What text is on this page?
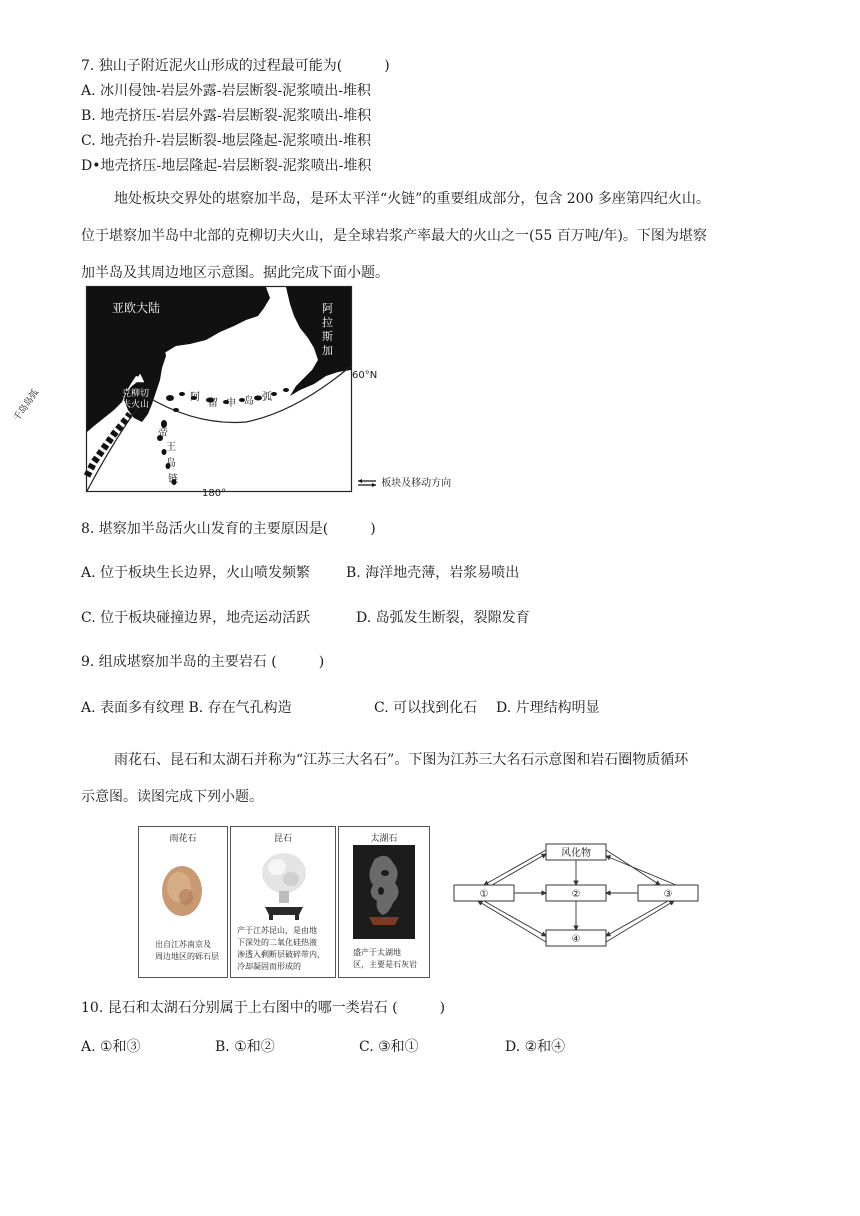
7. 独山子附近泥火山形成的过程最可能为(　　　)
A. 冰川侵蚀-岩层外露-岩层断裂-泥浆喷出-堆积
B. 地壳挤压-岩层外露-岩层断裂-泥浆喷出-堆积
C. 地壳抬升-岩层断裂-地层隆起-泥浆喷出-堆积
D•地壳挤压-地层隆起-岩层断裂-泥浆喷出-堆积
地处板块交界处的堪察加半岛，是环太平洋“火链”的重要组成部分，包含 200 多座第四纪火山。
位于堪察加半岛中北部的克柳切夫火山，是全球岩浆产率最大的火山之一(55 百万吨/年)。下图为堪察
加半岛及其周边地区示意图。据此完成下面小题。
亚欧大陆	白令海峡	阿
拉
斯
加
克柳切
夫火山
阿
留 申 岛 弧
千岛岛弧
帝
王
岛
链
60°N
180°
板块及移动方向
8. 堪察加半岛活火山发育的主要原因是(　　　)
A. 位于板块生长边界，火山喷发频繁	B. 海洋地壳薄，岩浆易喷出
C. 位于板块碰撞边界，地壳运动活跃	D. 岛弧发生断裂，裂隙发育
9. 组成堪察加半岛的主要岩石 (　　　)
A. 表面多有纹理 B. 存在气孔构造	C. 可以找到化石 D. 片理结构明显
雨花石、昆石和太湖石并称为“江苏三大名石”。下图为江苏三大名石示意图和岩石圈物质循环
示意图。读图完成下列小题。
雨花石
出自江苏南京及
周边地区的砾石层
昆石
产于江苏昆山，是由地
下深处的二氧化硅热液
渗透入剩断层破碎带内，
冷却凝固而形成的
太湖石
盛产于太湖地
区，主要是石灰岩
风化物
①	②	③
④
10. 昆石和太湖石分别属于上右图中的哪一类岩石 (　　　)
A. ①和③	B. ①和②	C. ③和①	D. ②和④
